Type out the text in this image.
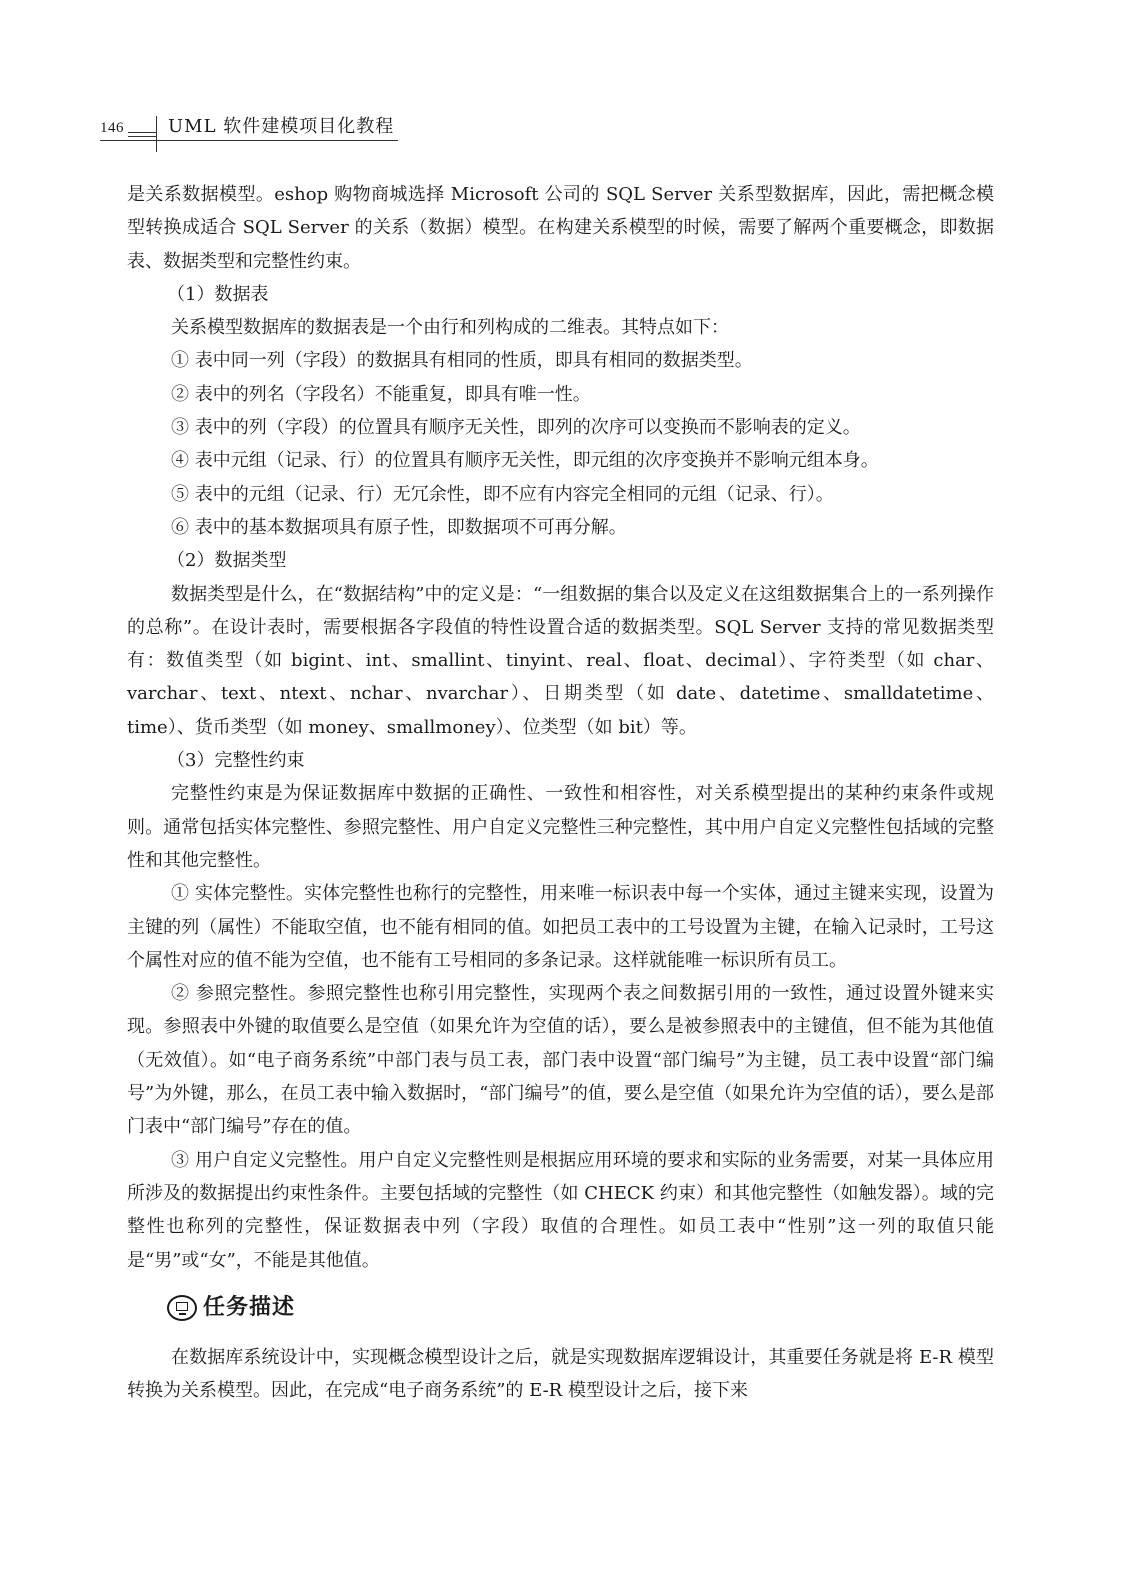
146 UML 软件建模项目化教程

是关系数据模型。eshop 购物商城选择 Microsoft 公司的 SQL Server 关系型数据库，因此，需把概念模型转换成适合 SQL Server 的关系（数据）模型。在构建关系模型的时候，需要了解两个重要概念，即数据表、数据类型和完整性约束。

（1）数据表

关系模型数据库的数据表是一个由行和列构成的二维表。其特点如下：

① 表中同一列（字段）的数据具有相同的性质，即具有相同的数据类型。

② 表中的列名（字段名）不能重复，即具有唯一性。

③ 表中的列（字段）的位置具有顺序无关性，即列的次序可以变换而不影响表的定义。

④ 表中元组（记录、行）的位置具有顺序无关性，即元组的次序变换并不影响元组本身。

⑤ 表中的元组（记录、行）无冗余性，即不应有内容完全相同的元组（记录、行）。

⑥ 表中的基本数据项具有原子性，即数据项不可再分解。

（2）数据类型

数据类型是什么，在“数据结构”中的定义是：“一组数据的集合以及定义在这组数据集合上的一系列操作的总称”。在设计表时，需要根据各字段值的特性设置合适的数据类型。SQL Server 支持的常见数据类型有：数值类型（如 bigint、int、smallint、tinyint、real、float、decimal）、字符类型（如 char、varchar、text、ntext、nchar、nvarchar）、日期类型（如 date、datetime、smalldatetime、time）、货币类型（如 money、smallmoney）、位类型（如 bit）等。

（3）完整性约束

完整性约束是为保证数据库中数据的正确性、一致性和相容性，对关系模型提出的某种约束条件或规则。通常包括实体完整性、参照完整性、用户自定义完整性三种完整性，其中用户自定义完整性包括域的完整性和其他完整性。

① 实体完整性。实体完整性也称行的完整性，用来唯一标识表中每一个实体，通过主键来实现，设置为主键的列（属性）不能取空值，也不能有相同的值。如把员工表中的工号设置为主键，在输入记录时，工号这个属性对应的值不能为空值，也不能有工号相同的多条记录。这样就能唯一标识所有员工。

② 参照完整性。参照完整性也称引用完整性，实现两个表之间数据引用的一致性，通过设置外键来实现。参照表中外键的取值要么是空值（如果允许为空值的话），要么是被参照表中的主键值，但不能为其他值（无效值）。如“电子商务系统”中部门表与员工表，部门表中设置“部门编号”为主键，员工表中设置“部门编号”为外键，那么，在员工表中输入数据时，“部门编号”的值，要么是空值（如果允许为空值的话），要么是部门表中“部门编号”存在的值。

③ 用户自定义完整性。用户自定义完整性则是根据应用环境的要求和实际的业务需要，对某一具体应用所涉及的数据提出约束性条件。主要包括域的完整性（如 CHECK 约束）和其他完整性（如触发器）。域的完整性也称列的完整性，保证数据表中列（字段）取值的合理性。如员工表中“性别”这一列的取值只能是“男”或“女”，不能是其他值。

任务描述

在数据库系统设计中，实现概念模型设计之后，就是实现数据库逻辑设计，其重要任务就是将 E-R 模型转换为关系模型。因此，在完成“电子商务系统”的 E-R 模型设计之后，接下来
